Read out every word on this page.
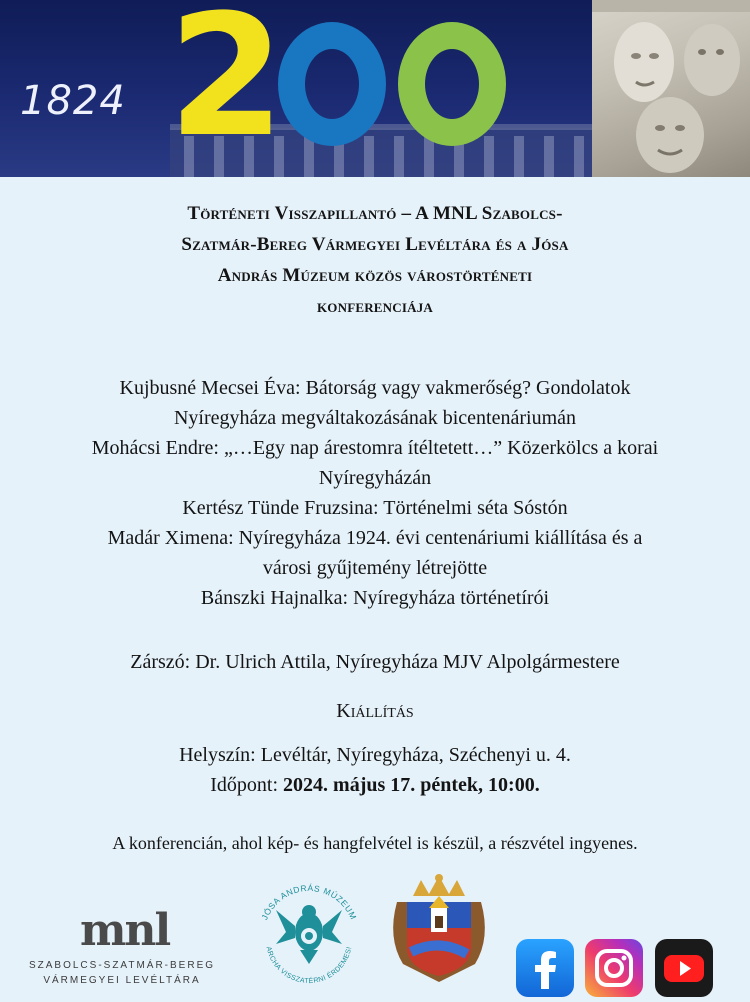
1824 2
Történeti Visszapillantó – A MNL Szabolcs-
Szatmár-Bereg Vármegyei Levéltára és a Jósa
András Múzeum közös várostörténeti
konferenciája
Kujbusné Mecsei Éva: Bátorság vagy vakmerőség? Gondolatok
Nyíregyháza megváltakozásának bicentenáriumán
Mohácsi Endre: „…Egy nap árestomra ítéltetett…” Közerkölcs a korai
Nyíregyházán
Kertész Tünde Fruzsina: Történelmi séta Sóstón
Madár Ximena: Nyíregyháza 1924. évi centenáriumi kiállítása és a
városi gyűjtemény létrejötte
Bánszki Hajnalka: Nyíregyháza történetírói
Zárszó: Dr. Ulrich Attila, Nyíregyháza MJV Alpolgármestere
Kiállítás
Helyszín: Levéltár, Nyíregyháza, Széchenyi u. 4.
Időpont: 2024. május 17. péntek, 10:00.
A konferencián, ahol kép- és hangfelvétel is készül, a részvétel ingyenes.
mnl
SZABOLCS-SZATMÁR-BEREG
VÁRMEGYEI LEVÉLTÁRA
JÓSA ANDRÁS MÚZEUM
ARCHA VISSZATÉRNI ÉRDEMES!
